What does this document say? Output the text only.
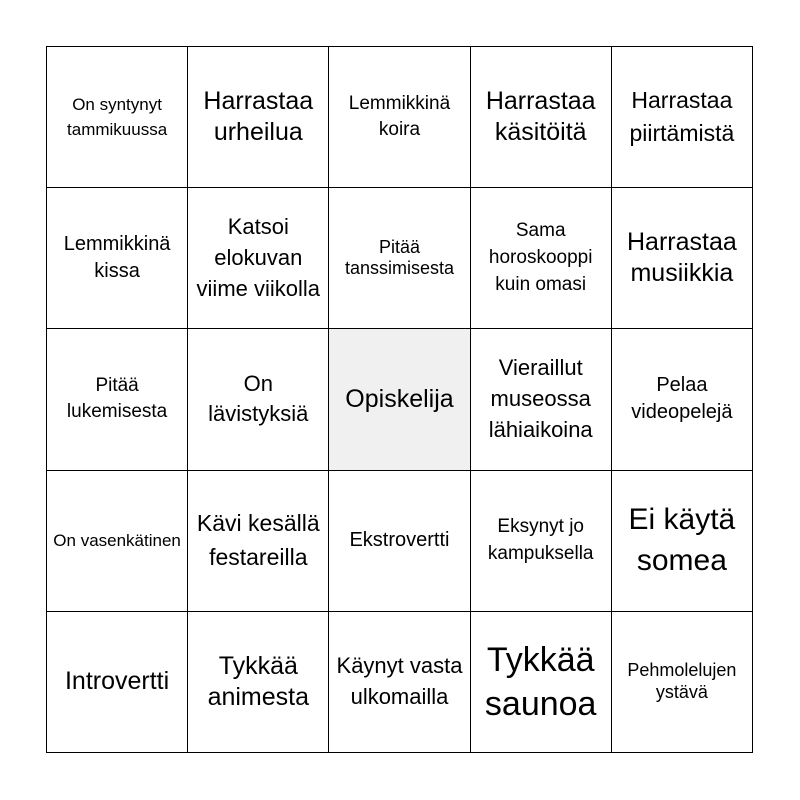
On syntynyt tammikuussa
Harrastaa urheilua
Lemmikkinä koira
Harrastaa käsitöitä
Harrastaa piirtämistä
Lemmikkinä kissa
Katsoi elokuvan viime viikolla
Pitää tanssimisesta
Sama horoskooppi kuin omasi
Harrastaa musiikkia
Pitää lukemisesta
On lävistyksiä
Opiskelija
Vieraillut museossa lähiaikoina
Pelaa videopelejä
On vasenkätinen
Kävi kesällä festareilla
Ekstrovertti
Eksynyt jo kampuksella
Ei käytä somea
Introvertti
Tykkää animesta
Käynyt vasta ulkomailla
Tykkää saunoa
Pehmolelujen ystävä
